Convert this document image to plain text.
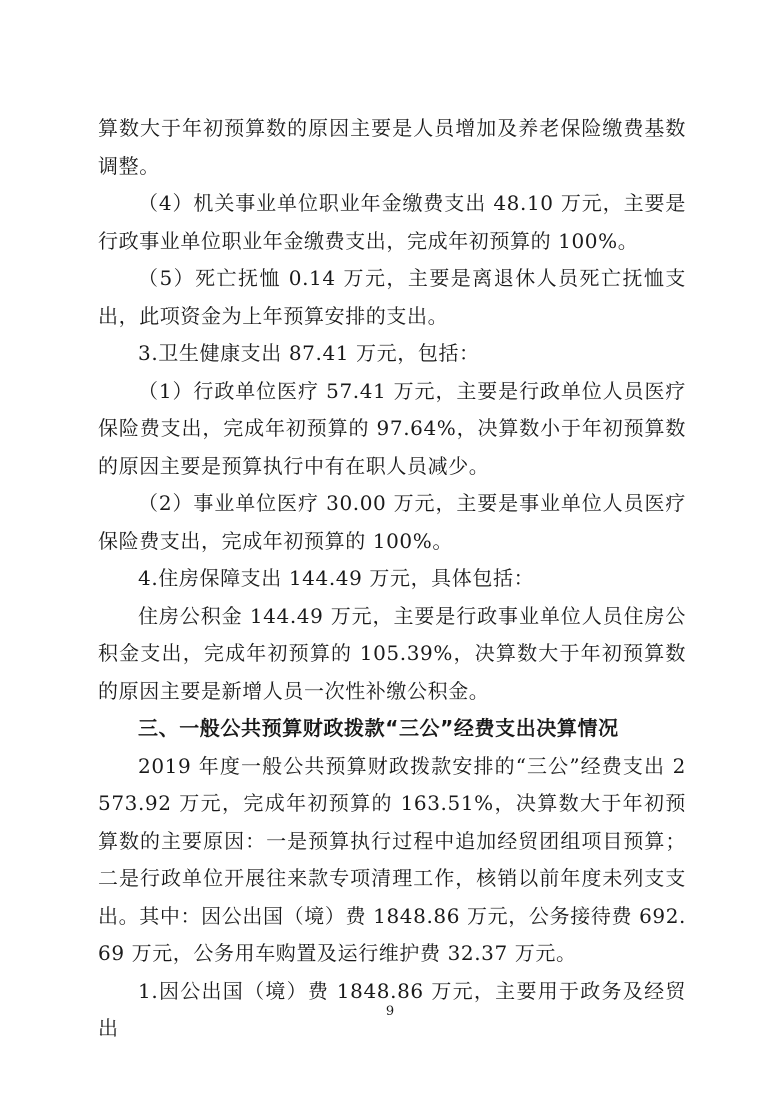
算数大于年初预算数的原因主要是人员增加及养老保险缴费基数调整。

（4）机关事业单位职业年金缴费支出 48.10 万元，主要是行政事业单位职业年金缴费支出，完成年初预算的 100%。

（5）死亡抚恤 0.14 万元，主要是离退休人员死亡抚恤支出，此项资金为上年预算安排的支出。

3.卫生健康支出 87.41 万元，包括：

（1）行政单位医疗 57.41 万元，主要是行政单位人员医疗保险费支出，完成年初预算的 97.64%，决算数小于年初预算数的原因主要是预算执行中有在职人员减少。

（2）事业单位医疗 30.00 万元，主要是事业单位人员医疗保险费支出，完成年初预算的 100%。

4.住房保障支出 144.49 万元，具体包括：

住房公积金 144.49 万元，主要是行政事业单位人员住房公积金支出，完成年初预算的 105.39%，决算数大于年初预算数的原因主要是新增人员一次性补缴公积金。

三、一般公共预算财政拨款“三公”经费支出决算情况

2019 年度一般公共预算财政拨款安排的“三公”经费支出 2573.92 万元，完成年初预算的 163.51%，决算数大于年初预算数的主要原因：一是预算执行过程中追加经贸团组项目预算；二是行政单位开展往来款专项清理工作，核销以前年度未列支支出。其中：因公出国（境）费 1848.86 万元，公务接待费 692.69 万元，公务用车购置及运行维护费 32.37 万元。

1.因公出国（境）费 1848.86 万元，主要用于政务及经贸出

9
